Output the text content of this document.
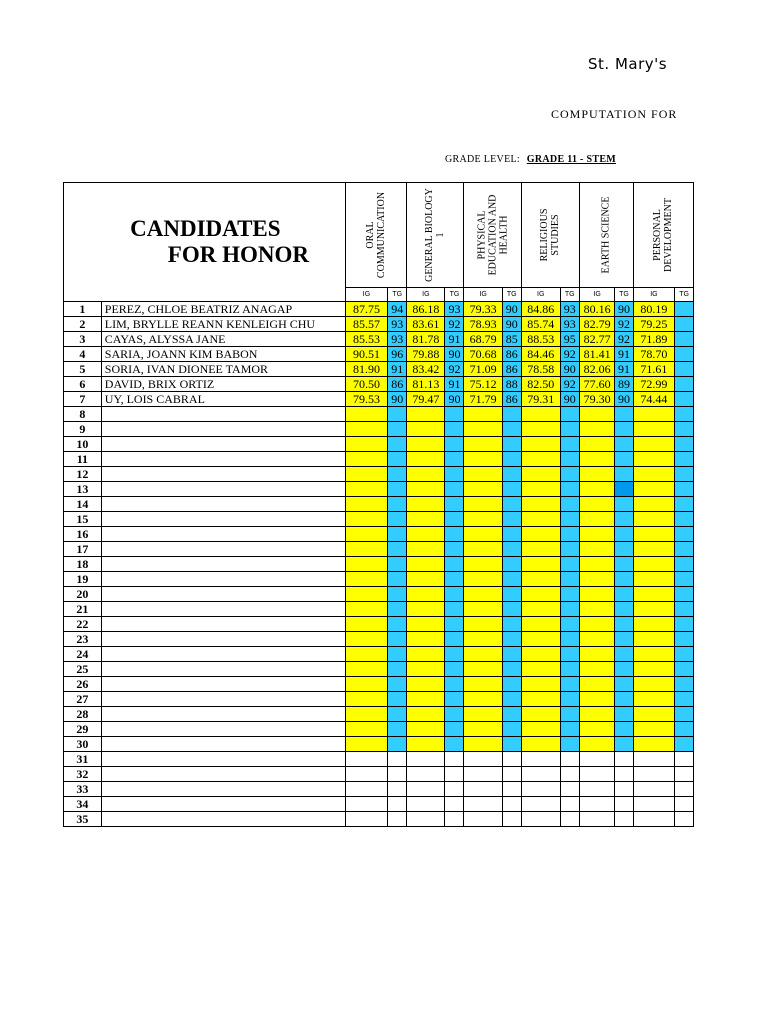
St. Mary's
COMPUTATION FOR
GRADE LEVEL: GRADE 11 - STEM
CANDIDATES
FOR HONOR		ORAL COMMUNICATION		GENERAL BIOLOGY 1		PHYSICAL EDUCATION AND HEALTH		RELIGIOUS STUDIES		EARTH SCIENCE		PERSONAL DEVELOPMENT	

		IG	TG	IG	TG	IG	TG	IG	TG	IG	TG	IG	TG
1	PEREZ, CHLOE BEATRIZ ANAGAP	87.75	94	86.18	93	79.33	90	84.86	93	80.16	90	80.19	
2	LIM, BRYLLE REANN KENLEIGH CHU	85.57	93	83.61	92	78.93	90	85.74	93	82.79	92	79.25	
3	CAYAS, ALYSSA JANE	85.53	93	81.78	91	68.79	85	88.53	95	82.77	92	71.89	
4	SARIA, JOANN KIM BABON	90.51	96	79.88	90	70.68	86	84.46	92	81.41	91	78.70	
5	SORIA, IVAN DIONEE TAMOR	81.90	91	83.42	92	71.09	86	78.58	90	82.06	91	71.61	
6	DAVID, BRIX ORTIZ	70.50	86	81.13	91	75.12	88	82.50	92	77.60	89	72.99	
7	UY, LOIS CABRAL	79.53	90	79.47	90	71.79	86	79.31	90	79.30	90	74.44	
8													
9													
10													
11													
12													
13													
14													
15													
16													
17													
18													
19													
20													
21													
22													
23													
24													
25													
26													
27													
28													
29													
30													
31													
32													
33													
34													
35													
